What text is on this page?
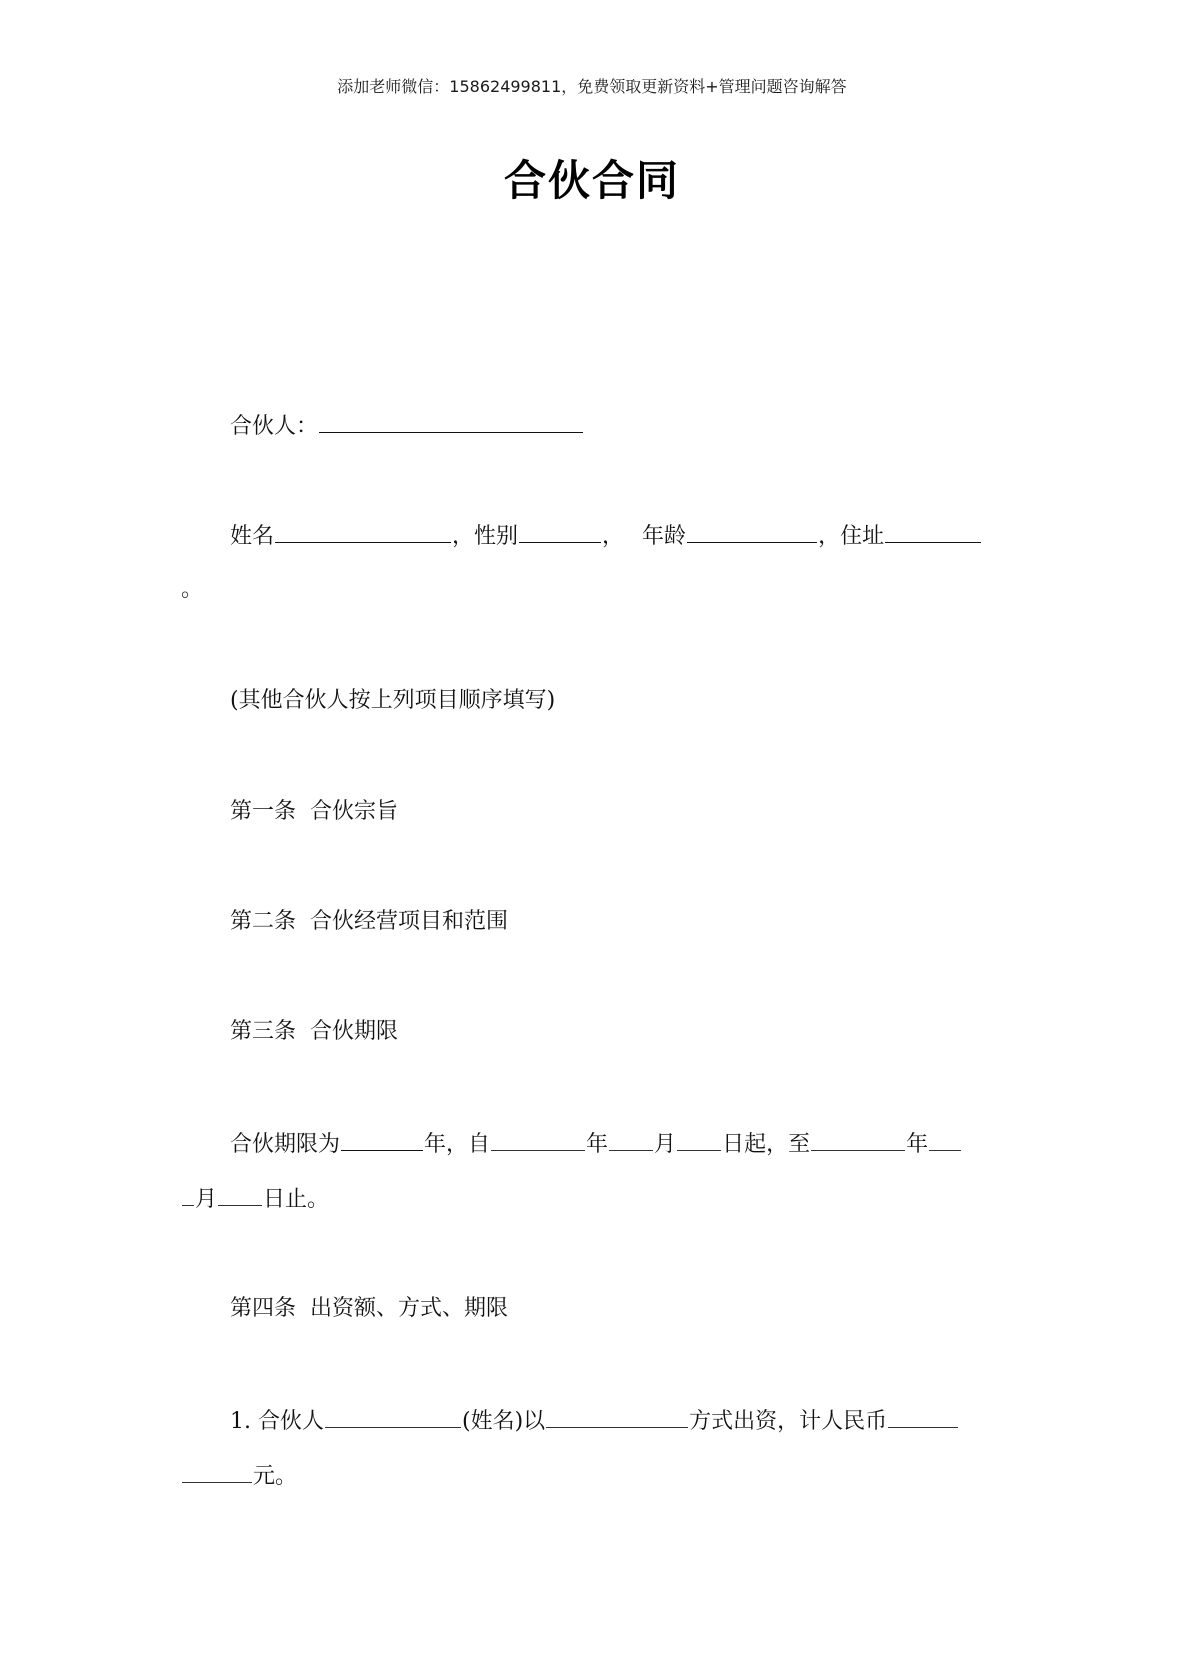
添加老师微信：15862499811，免费领取更新资料+管理问题咨询解答
合伙合同
合伙人：
姓名	，性别	， 年龄	，住址
。
(其他合伙人按上列项目顺序填写)
第一条 合伙宗旨
第二条 合伙经营项目和范围
第三条 合伙期限
合伙期限为	年，自	年 月 日起，至	年
月 日止。
第四条 出资额、方式、期限
1. 合伙人	(姓名)以	方式出资，计人民币
元。
